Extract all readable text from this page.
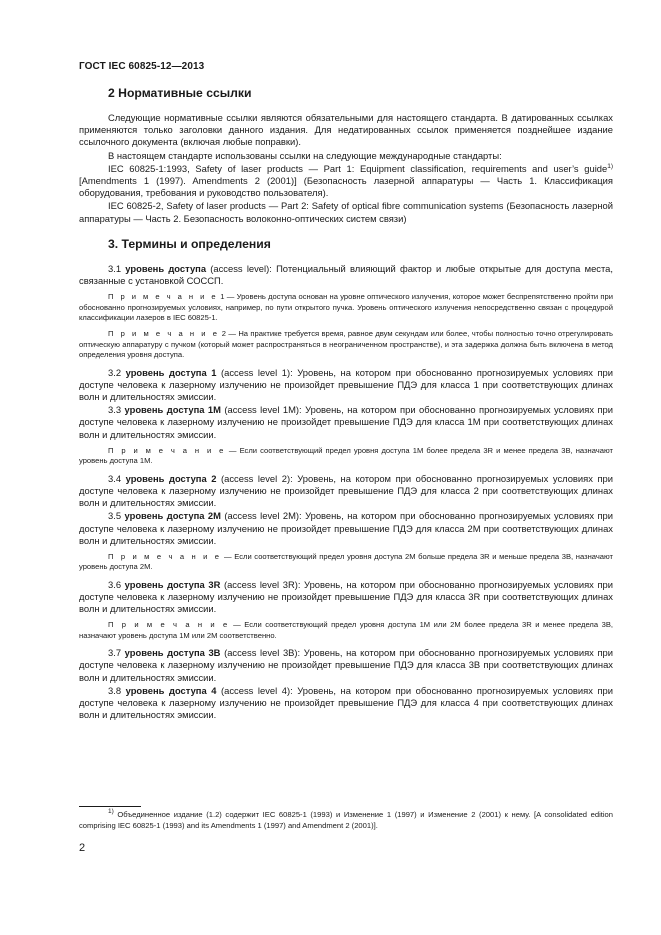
ГОСТ IEC 60825-12—2013
2 Нормативные ссылки

Следующие нормативные ссылки являются обязательными для настоящего стандарта. В датированных ссылках применяются только заголовки данного издания. Для недатированных ссылок применяется позднейшее издание ссылочного документа (включая любые поправки).

В настоящем стандарте использованы ссылки на следующие международные стандарты:

IEC 60825-1:1993, Safety of laser products — Part 1: Equipment classification, requirements and user’s guide$^{1)}$ [Amendments 1 (1997). Amendments 2 (2001)] (Безопасность лазерной аппаратуры — Часть 1. Классификация оборудования, требования и руководство пользователя).

IEC 60825-2, Safety of laser products — Part 2: Safety of optical fibre communication systems (Безопасность лазерной аппаратуры — Часть 2. Безопасность волоконно-оптических систем связи)

3. Термины и определения

3.1 уровень доступа (access level): Потенциальный влияющий фактор и любые открытые для доступа места, связанные с установкой СОССП.

П р и м е ч а н и е 1 — Уровень доступа основан на уровне оптического излучения, которое может беспрепятственно пройти при обоснованно прогнозируемых условиях, например, по пути открытого пучка. Уровень оптического излучения непосредственно связан с процедурой классификации лазеров в IEC 60825-1.

П р и м е ч а н и е 2 — На практике требуется время, равное двум секундам или более, чтобы полностью точно отрегулировать оптическую аппаратуру с пучком (который может распространяться в неограниченном пространстве), и эта задержка должна быть включена в метод определения уровня доступа.

3.2 уровень доступа 1 (access level 1): Уровень, на котором при обоснованно прогнозируемых условиях при доступе человека к лазерному излучению не произойдет превышение ПДЭ для класса 1 при соответствующих длинах волн и длительностях эмиссии.

3.3 уровень доступа 1М (access level 1M): Уровень, на котором при обоснованно прогнозируемых условиях при доступе человека к лазерному излучению не произойдет превышение ПДЭ для класса 1М при соответствующих длинах волн и длительностях эмиссии.

П р и м е ч а н и е — Если соответствующий предел уровня доступа 1М более предела 3R и менее предела 3В, назначают уровень доступа 1М.

3.4 уровень доступа 2 (access level 2): Уровень, на котором при обоснованно прогнозируемых условиях при доступе человека к лазерному излучению не произойдет превышение ПДЭ для класса 2 при соответствующих длинах волн и длительностях эмиссии.

3.5 уровень доступа 2М (access level 2M): Уровень, на котором при обоснованно прогнозируемых условиях при доступе человека к лазерному излучению не произойдет превышение ПДЭ для класса 2М при соответствующих длинах волн и длительностях эмиссии.

П р и м е ч а н и е — Если соответствующий предел уровня доступа 2М больше предела 3R и меньше предела 3В, назначают уровень доступа 2М.

3.6 уровень доступа 3R (access level 3R): Уровень, на котором при обоснованно прогнозируемых условиях при доступе человека к лазерному излучению не произойдет превышение ПДЭ для класса 3R при соответствующих длинах волн и длительностях эмиссии.

П р и м е ч а н и е — Если соответствующий предел уровня доступа 1М или 2М более предела 3R и менее предела 3В, назначают уровень доступа 1М или 2М соответственно.

3.7 уровень доступа 3B (access level 3B): Уровень, на котором при обоснованно прогнозируемых условиях при доступе человека к лазерному излучению не произойдет превышение ПДЭ для класса 3В при соответствующих длинах волн и длительностях эмиссии.

3.8 уровень доступа 4 (access level 4): Уровень, на котором при обоснованно прогнозируемых условиях при доступе человека к лазерному излучению не произойдет превышение ПДЭ для класса 4 при соответствующих длинах волн и длительностях эмиссии.

$^{1)}$ Объединенное издание (1.2) содержит IEC 60825-1 (1993) и Изменение 1 (1997) и Изменение 2 (2001) к нему. [A consolidated edition comprising IEC 60825-1 (1993) and its Amendments 1 (1997) and Amendment 2 (2001)].

2
